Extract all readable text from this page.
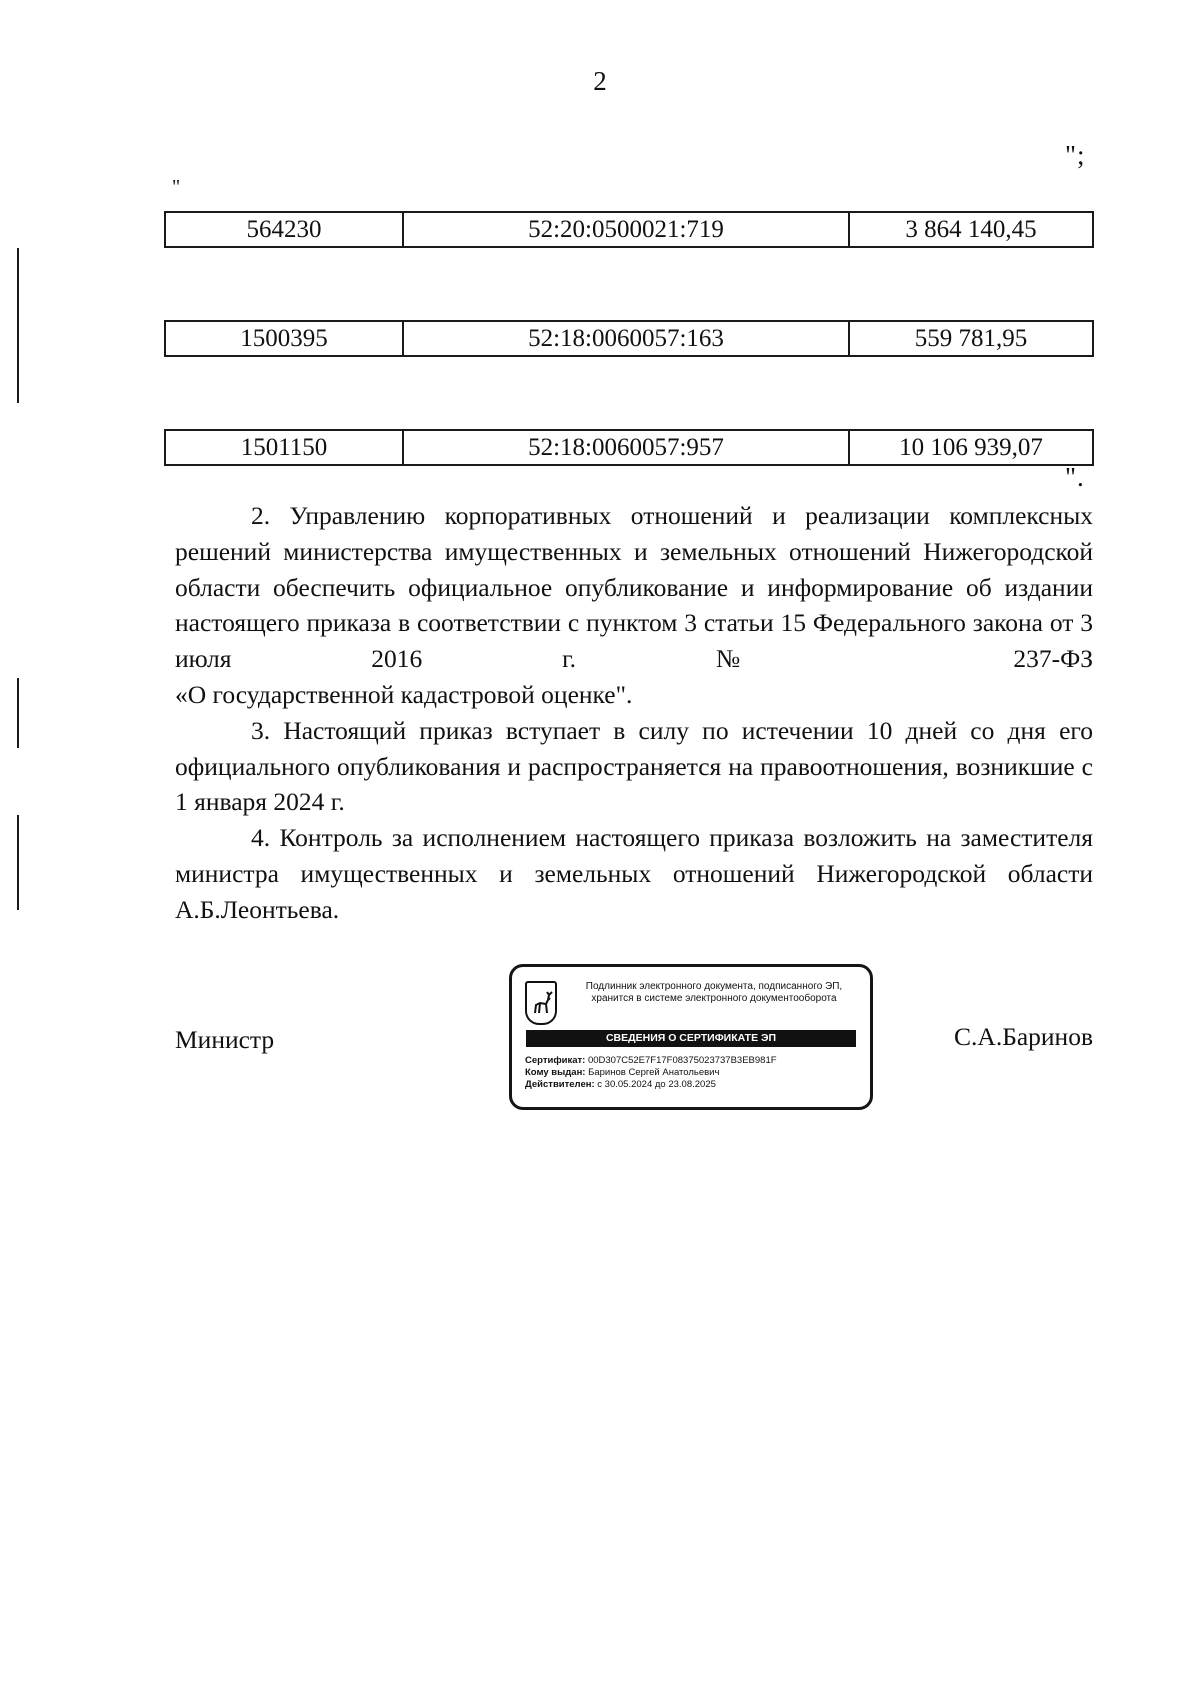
2
";
"
564230	52:20:0500021:719	3 864 140,45
1500395	52:18:0060057:163	559 781,95
1501150	52:18:0060057:957	10 106 939,07
".

2. Управлению корпоративных отношений и реализации комплексных решений министерства имущественных и земельных отношений Нижегородской области обеспечить официальное опубликование и информирование об издании настоящего приказа в соответствии с пунктом 3 статьи 15 Федерального закона от 3 июля 2016 г. № 237-ФЗ

«О государственной кадастровой оценке".

3. Настоящий приказ вступает в силу по истечении 10 дней со дня его официального опубликования и распространяется на правоотношения, возникшие с 1 января 2024 г.

4. Контроль за исполнением настоящего приказа возложить на заместителя министра имущественных и земельных отношений Нижегородской области А.Б.Леонтьева.

Министр	С.А.Баринов
Подлинник электронного документа, подписанного ЭП,
хранится в системе электронного документооборота
СВЕДЕНИЯ О СЕРТИФИКАТЕ ЭП
Сертификат: 00D307C52E7F17F08375023737B3EB981F
Кому выдан: Баринов Сергей Анатольевич
Действителен: с 30.05.2024 до 23.08.2025
